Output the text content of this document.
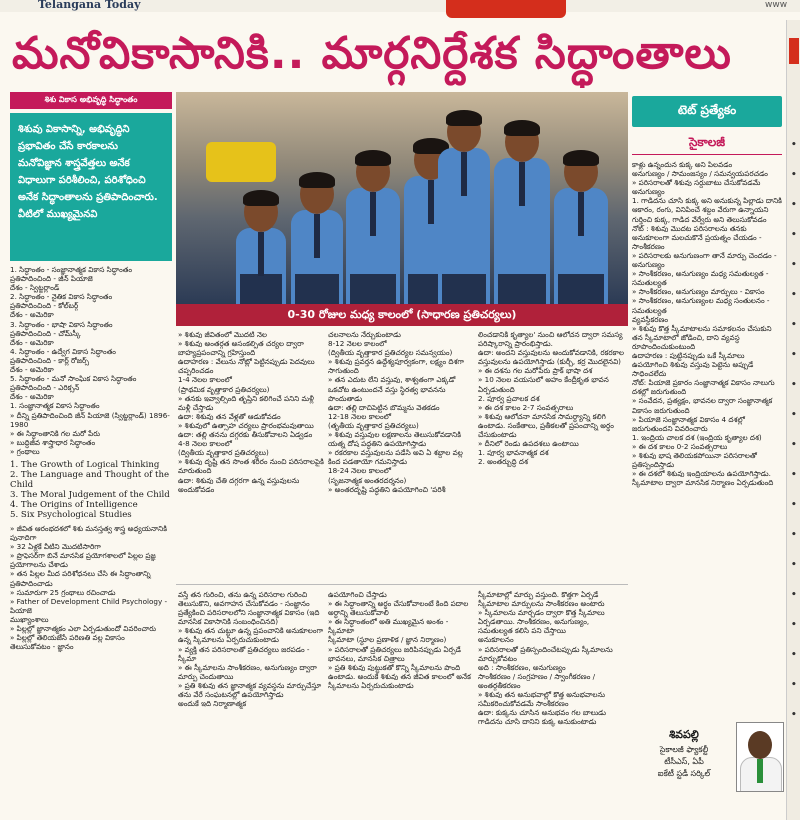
Telangana Today	www
మనోవికాసానికి.. మార్గనిర్దేశక సిద్ధాంతాలు
శిశు వికాస అభివృద్ధి సిద్ధాంతం
శిశువు వికాసాన్ని, అభివృద్ధిని ప్రభావితం చేసే కారకాలను మనోవిజ్ఞాన శాస్త్రవేత్తలు అనేక విధాలుగా పరిశీలించి, పరిశోధించి అనేక సిద్ధాంతాలను ప్రతిపాదించారు. వీటిలో ముఖ్యమైనవి
1. సిద్ధాంతం - సంజ్ఞానాత్మక వికాస సిద్ధాంతం
ప్రతిపాదించింది - జీన్ పియాజె
దేశం - స్విట్జర్లాండ్
2. సిద్ధాంతం - నైతిక వికాస సిద్ధాంతం
ప్రతిపాదించింది - కోల్‌బర్గ్
దేశం - అమెరికా
3. సిద్ధాంతం - భాషా వికాస సిద్ధాంతం
ప్రతిపాదించింది - చోమ్‌స్కీ
దేశం - అమెరికా
4. సిద్ధాంతం - ఉద్వేగ వికాస సిద్ధాంతం
ప్రతిపాదించింది - కార్ల్ రోజర్స్
దేశం - అమెరికా
5. సిద్ధాంతం - మనో సాంఘిక వికాస సిద్ధాంతం
ప్రతిపాదించింది - ఎరిక్సన్
దేశం - అమెరికా
1. సంజ్ఞానాత్మక వికాస సిద్ధాంతం
» దీన్ని ప్రతిపాదించింది జీన్ పియాజె (స్విట్జర్లాండ్) 1896-1980
» ఈ సిద్ధాంతానికి గల మరో పేరు
» బుద్ధిజీవ శాస్త్రాధార సిద్ధాంతం
» గ్రంథాలు
1. The Growth of Logical Thinking
2. The Language and Thought of the Child
3. The Moral Judgement of the Child
4. The Origins of Intelligence
5. Six Psychological Studies
» జీవిత ఆరంభదశలో శిశు మనస్తత్వ శాస్త్ర అధ్యయనానికి పునాదిగా
» 32 ఏళ్లకే వీటిని మొదటిసారిగా
» ప్రొఫెసర్‌గా బినే మానసిక ప్రయోగశాలలో పిల్లల ప్రజ్ఞ ప్రయోగాలను చేశాడు
» తన పిల్లల మీద పరిశోధనలు చేసి ఈ సిద్ధాంతాన్ని ప్రతిపాదించాడు
» సుమారుగా 25 గ్రంథాలు రచించాడు
» Father of Development Child Psychology - పియాజె
ముఖ్యాంశాలు
» పిల్లల్లో జ్ఞానాత్మకం ఎలా ఏర్పడుతుందో వివరించారు
» పిల్లల్లో తెలియజేసే పరిణతి వల్ల వికాసం
తెలుసుకోవటం - జ్ఞానం
0-30 రోజుల మధ్య కాలంలో (సాధారణ ప్రతిచర్యలు)

» శిశువు జీవితంలో మొదటి నెల

» శిశువు అంతర్గత అసంకల్పిత చర్యల ద్వారా బాహ్యప్రపంచాన్ని గ్రహిస్తుంది

ఉదాహరణ : వేలును నోట్లో పెట్టినప్పుడు పెదవులు చప్పరించడం

1-4 నెలల కాలంలో

(ప్రాథమిక వృత్తాకార ప్రతిచర్యలు)

» తనకు ఇవ్వాల్సింది తృప్తిని కలిగించే పనిని మళ్లీ మళ్లీ చేస్తాడు

ఉదా: శిశువు తన వేళ్లతో ఆడుకోవడం

» శిశువులో ఉత్సాహ చర్యలు ప్రారంభమవుతాయి

ఉదా: తల్లి తనను దగ్గరకు తీసుకోవాలని ఏడ్వడం

4-8 నెలల కాలంలో

(ద్వితీయ వృత్తాకార ప్రతిచర్యలు)

» శిశువు దృష్టి తన సొంత శరీరం నుంచి పరిసరాలపైకి మారుతుంది

ఉదా: శిశువు చేతి దగ్గరగా ఉన్న వస్తువులను అందుకోవడం

చలనాలను నేర్చుకుంటాడు

8-12 నెలల కాలంలో

(ద్వితీయ వృత్తాకార ప్రతిచర్యల సమన్వయం)

» శిశువు ప్రవర్తన ఉద్దేశ్యపూర్వకంగా, లక్ష్యం దిశగా సాగుతుంది

» తన ఎదుట లేని వస్తువు, శాశ్వతంగా ఎక్కడో ఒకచోట ఉంటుందనే వస్తు స్థిరత్వ భావనను పొందుతాడు

ఉదా: తల్లి దాచిపెట్టిన బొమ్మను వెతకడం

12-18 నెలల కాలంలో

(తృతీయ వృత్తాకార ప్రతిచర్యలు)

» శిశువు వస్తువుల లక్షణాలను తెలుసుకోవడానికి యత్న దోష పద్ధతిని ఉపయోగిస్తాడు

» రకరకాల వస్తువులను పడేసి అవి ఏ శబ్దాల వల్ల కింద పడతాయో గమనిస్తాడు

18-24 నెలల కాలంలో

(సృజనాత్మక అంతరదర్శనం)

» అంతరదృష్టి పద్ధతిని ఉపయోగించి 'పరిశీ

లించడానికి కృత్యాల' నుంచి ఆలోచన ద్వారా సమస్య పరిష్కారాన్ని ప్రారంభిస్తాడు.

ఉదా: అందని వస్తువులను అందుకోవడానికి, రకరకాల వస్తువులను ఉపయోగిస్తాడు (కుర్చీ, కర్ర మొదలైనవి)

» ఈ దశను గల మరోపేరు ప్రాక్ భాషా దశ

» 10 నెలల వయసులో అహం కేంద్రీకృత భావన ఏర్పడుతుంది

2. పూర్వ ప్రచాలక దశ

» ఈ దశ కాలం 2-7 సంవత్సరాలు

» శిశువు ఆలోచనా మానసిక సామర్థ్యాన్ని కలిగి ఉంటాడు. సంకేతాలు, ప్రతీకలతో ప్రపంచాన్ని అర్థం చేసుకుంటాడు

» దీనిలో రెండు ఉపదశలు ఉంటాయి

1. పూర్వ భావనాత్మక దశ

2. అంతర్బుద్ధి దశ

వస్తే తన గురించి, తను ఉన్న పరిసరాల గురించి తెలుసుకొని, అవగాహన చేసుకోవడం - సంజ్ఞానం

ప్రత్యేకించి పరిసరాలలోని సంజ్ఞానాత్మక వికాసం (ఇది మానసిక వికాసానికి సంబంధించినది)

» శిశువు తన చుట్టూ ఉన్న ప్రపంచానికి అనుకూలంగా ఉన్న స్కీమాలను ఏర్పరుచుకుంటాడు

» వ్యక్తి తన పరిసరాలతో ప్రతిచర్యలు జరపడం - స్కీమా

» ఈ స్కీమాలను సాంశీకరణం, అనుగుణ్యం ద్వారా మార్పు చెందుతాయి

» ప్రతి శిశువు తన జ్ఞానాత్మక వ్యవస్థను మార్పుచేస్తూ తను వేరే సంఘటనల్లో ఉపయోగిస్తాడు

అందుకే ఇది నిర్మాణాత్మక

ఉపయోగించి చేస్తాడు

» ఈ సిద్ధాంతాన్ని అర్థం చేసుకోవాలంటే కింది పదాల అర్థాన్ని తెలుసుకోవాలి

» ఈ సిద్ధాంతంలో అతి ముఖ్యమైన అంశం - స్కీమాటా

స్కీమాటా (స్థూల ప్రణాళిక / జ్ఞాన నిర్మాణం)

» పరిసరాలతో ప్రతిచర్యలు జరిపినప్పుడు ఏర్పడే భావనలు, మానసిక చిత్రాలు

» ప్రతి శిశువు పుట్టుకతో కొన్ని స్కీమాలను పొంది ఉంటాడు. అందుకే శిశువు తన జీవిత కాలంలో అనేక స్కీమాలను ఏర్పరుచుకుంటాడు

స్కీమాటాల్లో మార్పు వస్తుంది. కొత్తగా ఏర్పడే స్కీమాటాల మార్పులను సాంశీకరణం అంటారు

» స్కీమాలను మార్చడం ద్వారా కొత్త స్కీమాలు ఏర్పడతాయి. సాంశీకరణం, అనుగుణ్యం, సమతుల్యత కలిసి పని చేస్తాయి

అనుకూలనం

» పరిసరాలతో ప్రతిస్పందించేటప్పుడు స్కీమాలను మార్చుకోవటం

అది : సాంశీకరణం, అనుగుణ్యం

సాంశీకరణం / సంగ్రహణం / స్వాంగీకరణం / అంతర్గతీకరణం

» శిశువు తన అనుభవాల్లో కొత్త అనుభవాలను సమీకరించుకోవడమే సాంశీకరణం

ఉదా: కుక్కను చూసిన అనుభవం గల బాలుడు గాడిదను చూసి దానిని కుక్క అనుకుంటాడు

టెట్ ప్రత్యేకం
సైకాలజీ

కాళ్లు ఉన్నందున కుక్క అని పిలవడం

అనుగుణ్యం / సామంజస్యం / సమన్వయపరచడం

» పరిసరాలతో శిశువు సర్దుబాటు చేసుకోవడమే అనుగుణ్యం

1. గాడిదను చూసి కుక్క అని అనుకున్న పిల్లాడు దానికి ఆకారం, రంగు, వినిపించే శబ్దం వేరుగా ఉన్నాయని గుర్తించి కుక్క, గాడిద వేర్వేరు అని తెలుసుకోవడం

నోట్ : శిశువు మొదట పరిసరాలను తనకు అనుకూలంగా మలచుకొనే ప్రయత్నం చేయడం - సాంశీకరణం

» పరిసరాలకు అనుగుణంగా తానే మార్పు చెందడం - అనుగుణ్యం

» సాంశీకరణం, అనుగుణ్యం మధ్య సమతుల్యత - సమతుల్యత

» సాంశీకరణం, అనుగుణ్యం మార్పులు - వికాసం

» సాంశీకరణం, అనుగుణ్యంల మధ్య సంతులనం - సమతుల్యత

వ్యవస్థీకరణం

» శిశువు కొత్త స్కీమాటాలను సమాకలనం చేసుకుని తన స్కీమాటాలో జోడించి, దాని వ్యవస్థ రూపొందించుకుంటుంది

ఉదాహరణ : పుట్టినప్పుడు ఒకే స్కీమాలు ఉపయోగించి శిశువు వస్తువు పెట్టెను అప్పుడే సాధించలేదు

నోట్: పియాజె ప్రకారం సంజ్ఞానాత్మక వికాసం నాలుగు దశల్లో జరుగుతుంది

» సంవేదన, ప్రత్యక్షం, భావనల ద్వారా సంజ్ఞానాత్మక వికాసం జరుగుతుంది

» పియాజె సంజ్ఞానాత్మక వికాసం 4 దశల్లో జరుగుతుందని వివరించారు

1. ఇంద్రియ చాలక దశ (ఇంద్రియ కృత్యాల దశ)

» ఈ దశ కాలం 0-2 సంవత్సరాలు

» శిశువు భాష తెలియకపోయినా పరిసరాలతో ప్రతిస్పందిస్తాడు

» ఈ దశలో శిశువు ఇంద్రియాలను ఉపయోగిస్తాడు. స్కీమాటాల ద్వారా మానసిక నిర్మాణం ఏర్పడుతుంది

శివపల్లి
సైకాలజీ ఫ్యాకల్టీ
టీసీఎస్, ఏపీ
ఐకేటీ స్టడీ సర్కిల్
•
•
•
•
•
•
•
•
•
•
•
•
•
•
•
•
•
•
•
•
